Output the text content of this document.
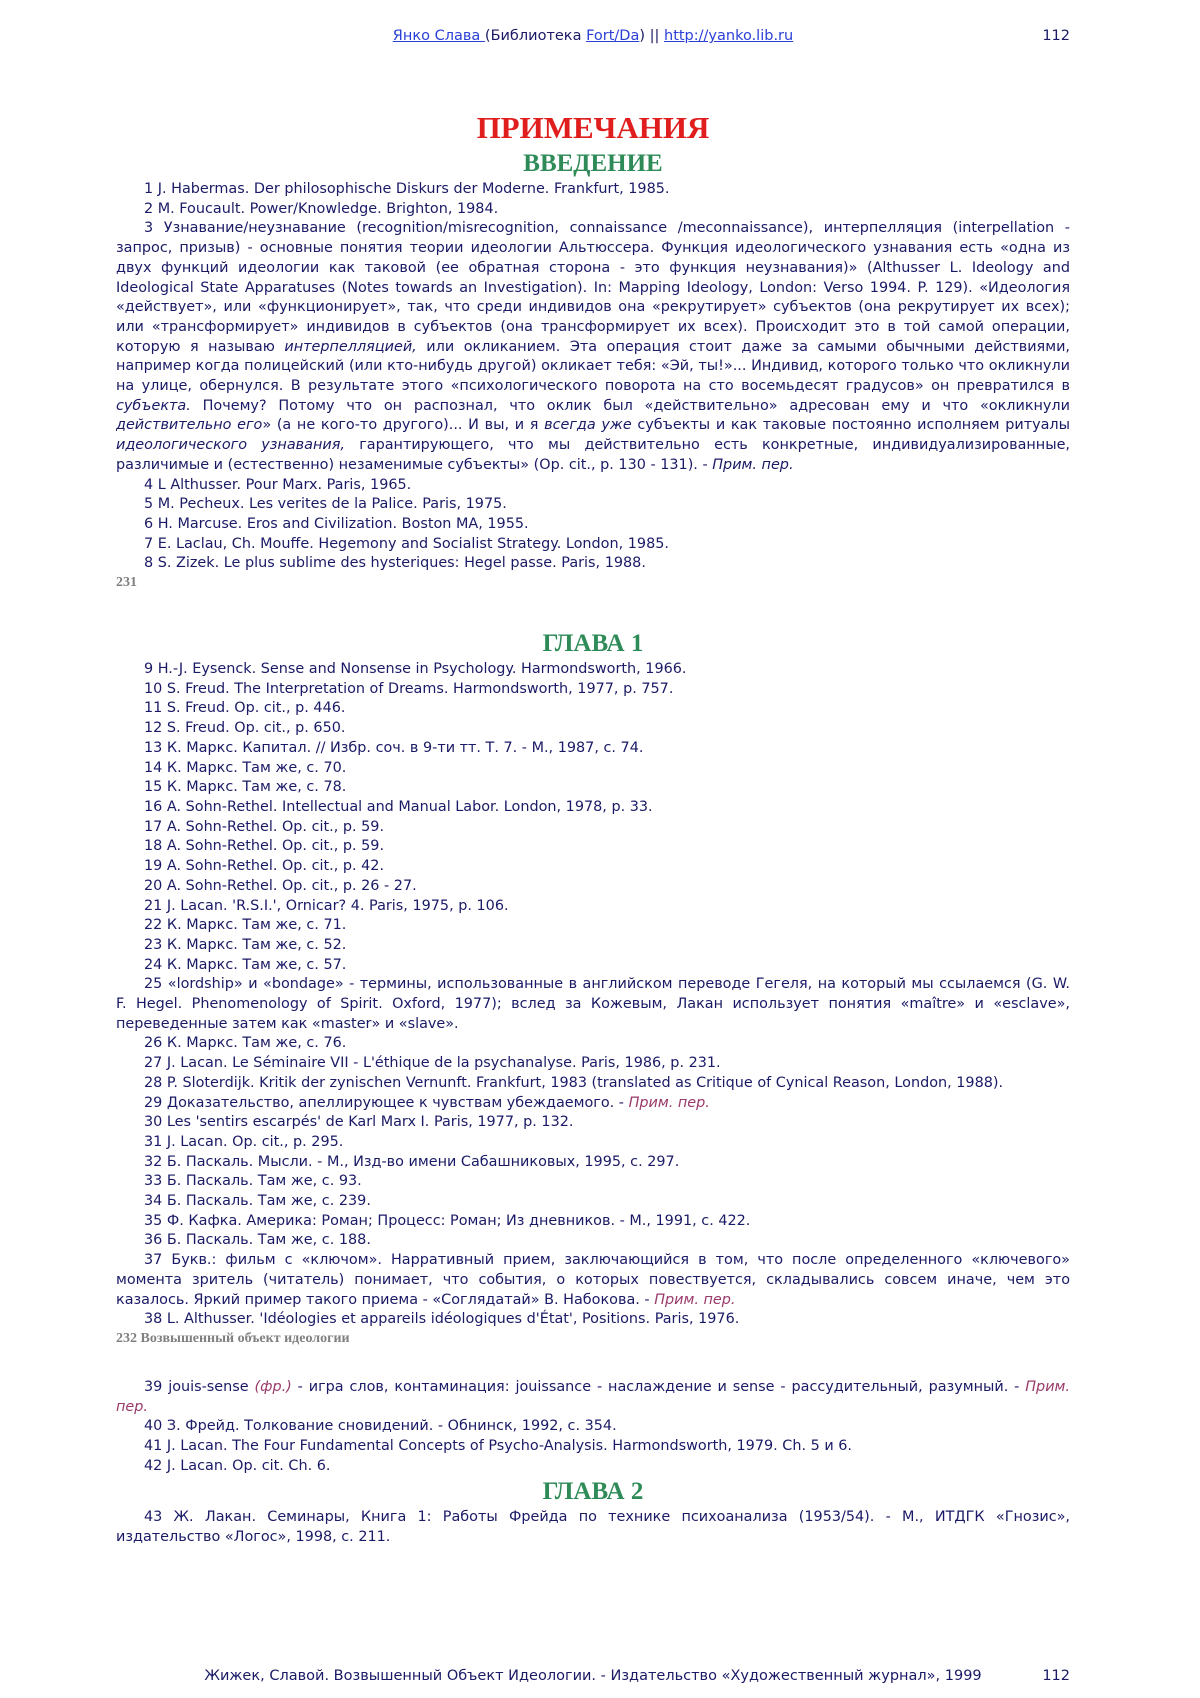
Янко Слава (Библиотека Fort/Da) || http://yanko.lib.ru	112
ПРИМЕЧАНИЯ
ВВЕДЕНИЕ

1 J. Habermas. Der philosophische Diskurs der Moderne. Frankfurt, 1985.

2 M. Foucault. Power/Knowledge. Brighton, 1984.

3 Узнавание/неузнавание (recognition/misrecognition, connaissance /meconnaissance), интерпелляция (interpellation - запрос, призыв) - основные понятия теории идеологии Альтюссера. Функция идеологического узнавания есть «одна из двух функций идеологии как таковой (ее обратная сторона - это функция неузнавания)» (Althusser L. Ideology and Ideological State Apparatuses (Notes towards an Investigation). In: Mapping Ideology, London: Verso 1994. P. 129). «Идеология «действует», или «функционирует», так, что среди индивидов она «рекрутирует» субъектов (она рекрутирует их всех); или «трансформирует» индивидов в субъектов (она трансформирует их всех). Происходит это в той самой операции, которую я называю интерпелляцией, или окликанием. Эта операция стоит даже за самыми обычными действиями, например когда полицейский (или кто-нибудь другой) окликает тебя: «Эй, ты!»... Индивид, которого только что окликнули на улице, обернулся. В результате этого «психологического поворота на сто восемьдесят градусов» он превратился в субъекта. Почему? Потому что он распознал, что оклик был «действительно» адресован ему и что «окликнули действительно его» (а не кого-то другого)... И вы, и я всегда уже субъекты и как таковые постоянно исполняем ритуалы идеологического узнавания, гарантирующего, что мы действительно есть конкретные, индивидуализированные, различимые и (естественно) незаменимые субъекты» (Op. cit., p. 130 - 131). - Прим. пер.

4 L Althusser. Pour Marx. Paris, 1965.

5 M. Pecheux. Les verites de la Palice. Paris, 1975.

6 H. Marcuse. Eros and Civilization. Boston MA, 1955.

7 E. Laclau, Ch. Mouffe. Hegemony and Socialist Strategy. London, 1985.

8 S. Zizek. Le plus sublime des hysteriques: Hegel passe. Paris, 1988.

231

ГЛАВА 1

9 H.-J. Eysenck. Sense and Nonsense in Psychology. Harmondsworth, 1966.

10 S. Freud. The Interpretation of Dreams. Harmondsworth, 1977, p. 757.

11 S. Freud. Op. cit., p. 446.

12 S. Freud. Op. cit., p. 650.

13 К. Маркс. Капитал. // Избр. соч. в 9-ти тт. Т. 7. - М., 1987, с. 74.

14 К. Маркс. Там же, с. 70.

15 К. Маркс. Там же, с. 78.

16 A. Sohn-Rethel. Intellectual and Manual Labor. London, 1978, p. 33.

17 A. Sohn-Rethel. Op. cit., p. 59.

18 A. Sohn-Rethel. Op. cit., p. 59.

19 A. Sohn-Rethel. Op. cit., p. 42.

20 A. Sohn-Rethel. Op. cit., p. 26 - 27.

21 J. Lacan. 'R.S.I.', Ornicar? 4. Paris, 1975, p. 106.

22 К. Маркс. Там же, с. 71.

23 К. Маркс. Там же, с. 52.

24 К. Маркс. Там же, с. 57.

25 «lordship» и «bondage» - термины, использованные в английском переводе Гегеля, на который мы ссылаемся (G. W. F. Hegel. Phenomenology of Spirit. Oxford, 1977); вслед за Кожевым, Лакан использует понятия «maître» и «esclave», переведенные затем как «master» и «slave».

26 К. Маркс. Там же, с. 76.

27 J. Lacan. Le Séminaire VII - L'éthique de la psychanalyse. Paris, 1986, p. 231.

28 P. Sloterdijk. Kritik der zynischen Vernunft. Frankfurt, 1983 (translated as Critique of Cynical Reason, London, 1988).

29 Доказательство, апеллирующее к чувствам убеждаемого. - Прим. пер.

30 Les 'sentirs escarpés' de Karl Marx I. Paris, 1977, p. 132.

31 J. Lacan. Op. cit., p. 295.

32 Б. Паскаль. Мысли. - М., Изд-во имени Сабашниковых, 1995, с. 297.

33 Б. Паскаль. Там же, с. 93.

34 Б. Паскаль. Там же, с. 239.

35 Ф. Кафка. Америка: Роман; Процесс: Роман; Из дневников. - М., 1991, с. 422.

36 Б. Паскаль. Там же, с. 188.

37 Букв.: фильм с «ключом». Нарративный прием, заключающийся в том, что после определенного «ключевого» момента зритель (читатель) понимает, что события, о которых повествуется, складывались совсем иначе, чем это казалось. Яркий пример такого приема - «Соглядатай» В. Набокова. - Прим. пер.

38 L. Althusser. 'Idéologies et appareils idéologiques d'État', Positions. Paris, 1976.

232 Возвышенный объект идеологии

39 jouis-sense (фр.) - игра слов, контаминация: jouissance - наслаждение и sense - рассудительный, разумный. - Прим. пер.

40 З. Фрейд. Толкование сновидений. - Обнинск, 1992, с. 354.

41 J. Lacan. The Four Fundamental Concepts of Psycho-Analysis. Harmondsworth, 1979. Ch. 5 и 6.

42 J. Lacan. Op. cit. Ch. 6.

ГЛАВА 2

43 Ж. Лакан. Семинары, Книга 1: Работы Фрейда по технике психоанализа (1953/54). - М., ИТДГК «Гнозис», издательство «Логос», 1998, с. 211.

Жижек, Славой. Возвышенный Объект Идеологии. - Издательство «Художественный журнал», 1999	112
